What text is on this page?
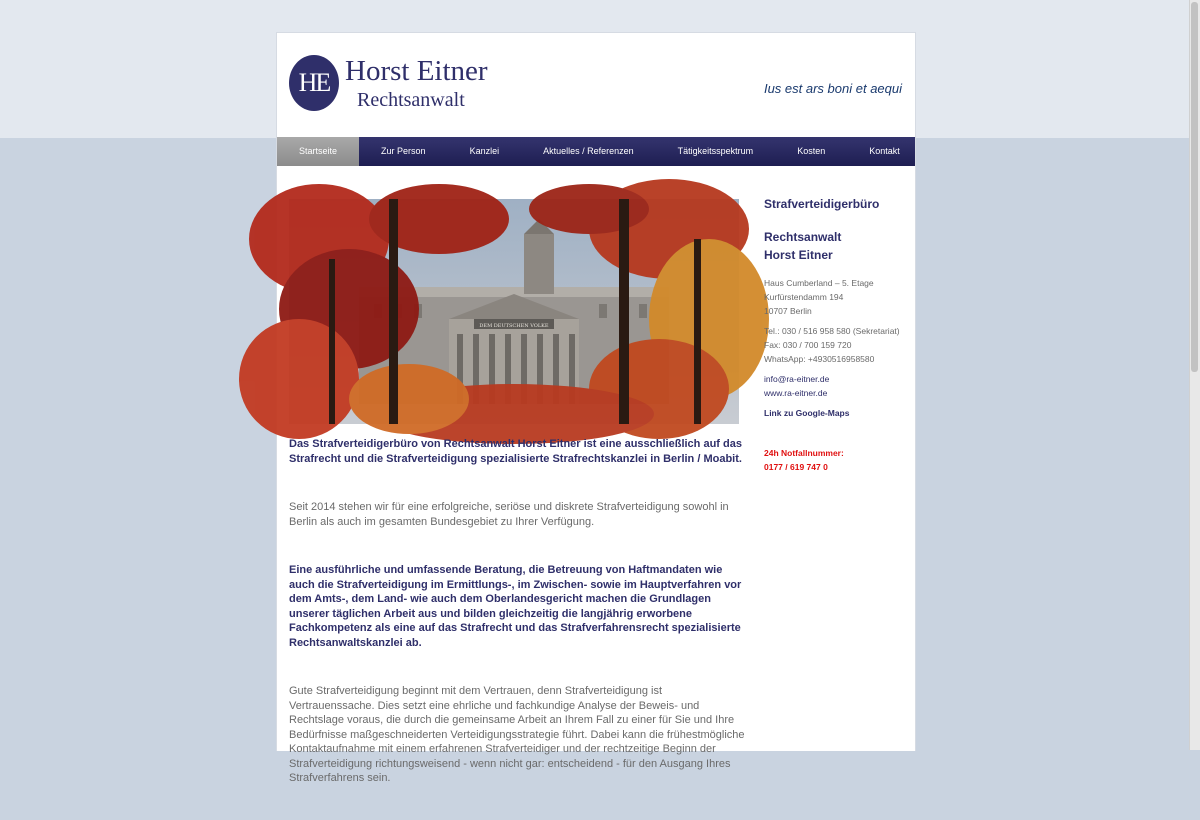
HE Horst Eitner
Rechtsanwalt
Ius est ars boni et aequi
Startseite	Zur Person	Kanzlei	Aktuelles / Referenzen	Tätigkeitsspektrum	Kosten	Kontakt
DEM DEUTSCHEN VOLKE

Das Strafverteidigerbüro von Rechtsanwalt Horst Eitner ist eine ausschließlich auf das Strafrecht und die Strafverteidigung spezialisierte Strafrechtskanzlei in Berlin / Moabit.

Seit 2014 stehen wir für eine erfolgreiche, seriöse und diskrete Strafverteidigung sowohl in Berlin als auch im gesamten Bundesgebiet zu Ihrer Verfügung.

Eine ausführliche und umfassende Beratung, die Betreuung von Haftmandaten wie auch die Strafverteidigung im Ermittlungs-, im Zwischen- sowie im Hauptverfahren vor dem Amts-, dem Land- wie auch dem Oberlandesgericht machen die Grundlagen unserer täglichen Arbeit aus und bilden gleichzeitig die langjährig erworbene Fachkompetenz als eine auf das Strafrecht und das Strafverfahrensrecht spezialisierte Rechtsanwaltskanzlei ab.

Gute Strafverteidigung beginnt mit dem Vertrauen, denn Strafverteidigung ist Vertrauenssache. Dies setzt eine ehrliche und fachkundige Analyse der Beweis- und Rechtslage voraus, die durch die gemeinsame Arbeit an Ihrem Fall zu einer für Sie und Ihre Bedürfnisse maßgeschneiderten Verteidigungsstrategie führt. Dabei kann die frühestmögliche Kontaktaufnahme mit einem erfahrenen Strafverteidiger und der rechtzeitige Beginn der Strafverteidigung richtungsweisend - wenn nicht gar: entscheidend - für den Ausgang Ihres Strafverfahrens sein.

Strafverteidigerbüro
Rechtsanwalt
Horst Eitner
Haus Cumberland – 5. Etage
Kurfürstendamm 194
10707 Berlin
Tel.: 030 / 516 958 580 (Sekretariat)
Fax: 030 / 700 159 720
WhatsApp: +4930516958580
info@ra-eitner.de
www.ra-eitner.de
Link zu Google-Maps
24h Notfallnummer:
0177 / 619 747 0
